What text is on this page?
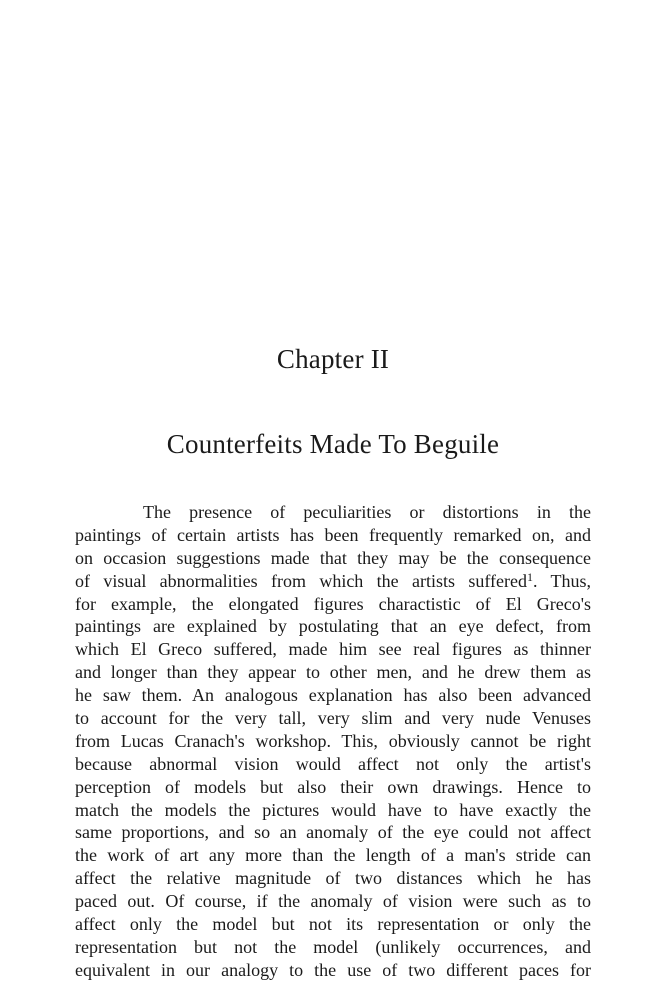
Chapter II
Counterfeits Made To Beguile
The presence of peculiarities or distortions in the
paintings of certain artists has been frequently remarked on, and
on occasion suggestions made that they may be the consequence
of visual abnormalities from which the artists suffered$^1$. Thus,
for example, the elongated figures charactistic of El Greco's
paintings are explained by postulating that an eye defect, from
which El Greco suffered, made him see real figures as thinner
and longer than they appear to other men, and he drew them as
he saw them. An analogous explanation has also been advanced
to account for the very tall, very slim and very nude Venuses
from Lucas Cranach's workshop. This, obviously cannot be right
because abnormal vision would affect not only the artist's
perception of models but also their own drawings. Hence to
match the models the pictures would have to have exactly the
same proportions, and so an anomaly of the eye could not affect
the work of art any more than the length of a man's stride can
affect the relative magnitude of two distances which he has
paced out. Of course, if the anomaly of vision were such as to
affect only the model but not its representation or only the
representation but not the model (unlikely occurrences, and
equivalent in our analogy to the use of two different paces for
